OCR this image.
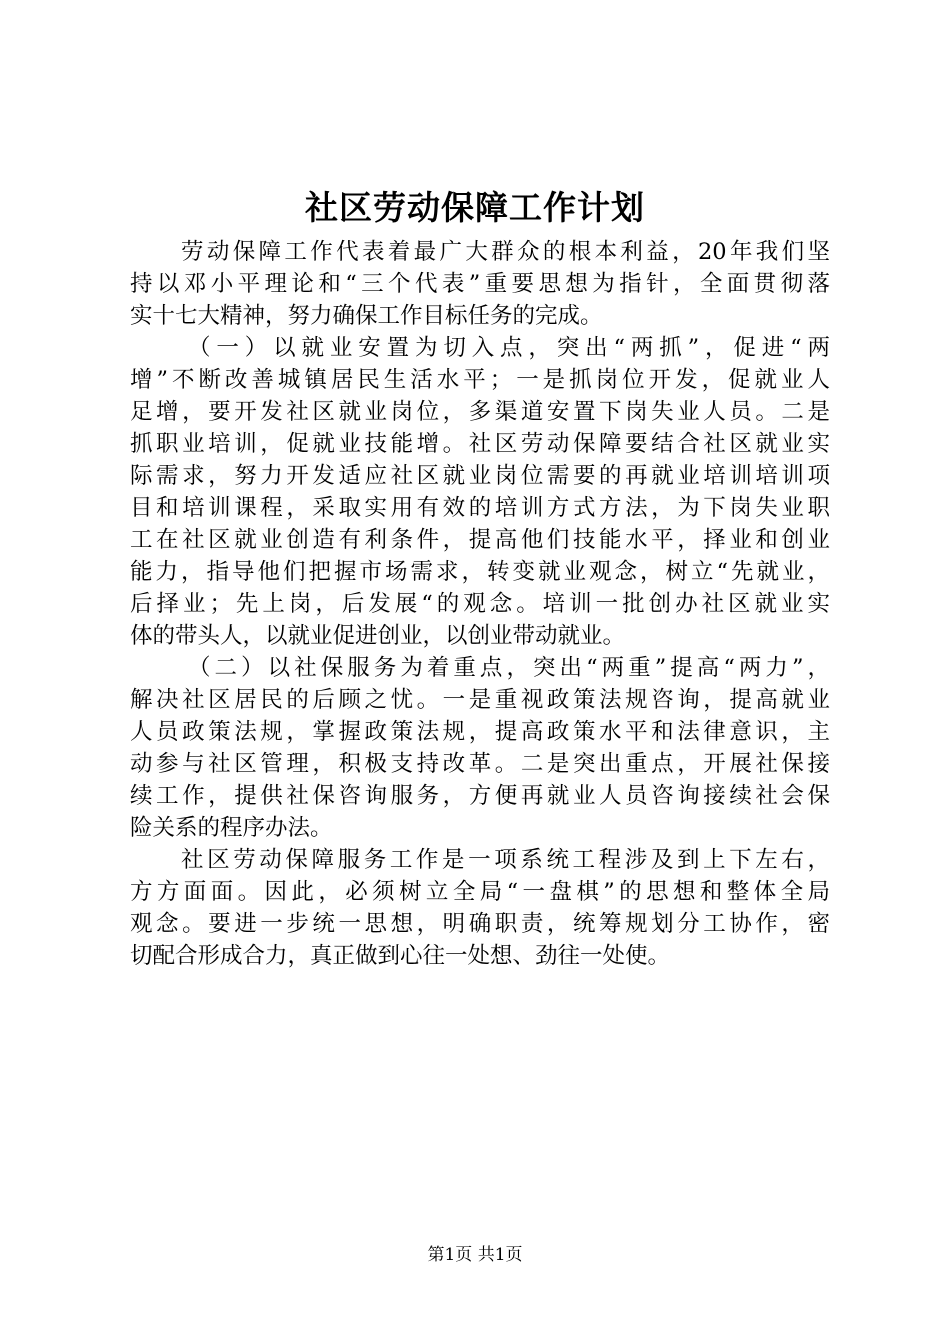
社区劳动保障工作计划
劳动保障工作代表着最广大群众的根本利益，20年我们坚
持以邓小平理论和“三个代表”重要思想为指针，全面贯彻落
实十七大精神，努力确保工作目标任务的完成。
（一）以就业安置为切入点，突出“两抓”，促进“两
增”不断改善城镇居民生活水平；一是抓岗位开发，促就业人
足增，要开发社区就业岗位，多渠道安置下岗失业人员。二是
抓职业培训，促就业技能增。社区劳动保障要结合社区就业实
际需求，努力开发适应社区就业岗位需要的再就业培训培训项
目和培训课程，采取实用有效的培训方式方法，为下岗失业职
工在社区就业创造有利条件，提高他们技能水平，择业和创业
能力，指导他们把握市场需求，转变就业观念，树立“先就业，
后择业；先上岗，后发展“的观念。培训一批创办社区就业实
体的带头人，以就业促进创业，以创业带动就业。
（二）以社保服务为着重点，突出“两重”提高“两力”，
解决社区居民的后顾之忧。一是重视政策法规咨询，提高就业
人员政策法规，掌握政策法规，提高政策水平和法律意识，主
动参与社区管理，积极支持改革。二是突出重点，开展社保接
续工作，提供社保咨询服务，方便再就业人员咨询接续社会保
险关系的程序办法。
社区劳动保障服务工作是一项系统工程涉及到上下左右，
方方面面。因此，必须树立全局“一盘棋”的思想和整体全局
观念。要进一步统一思想，明确职责，统筹规划分工协作，密
切配合形成合力，真正做到心往一处想、劲往一处使。
第1页 共1页
